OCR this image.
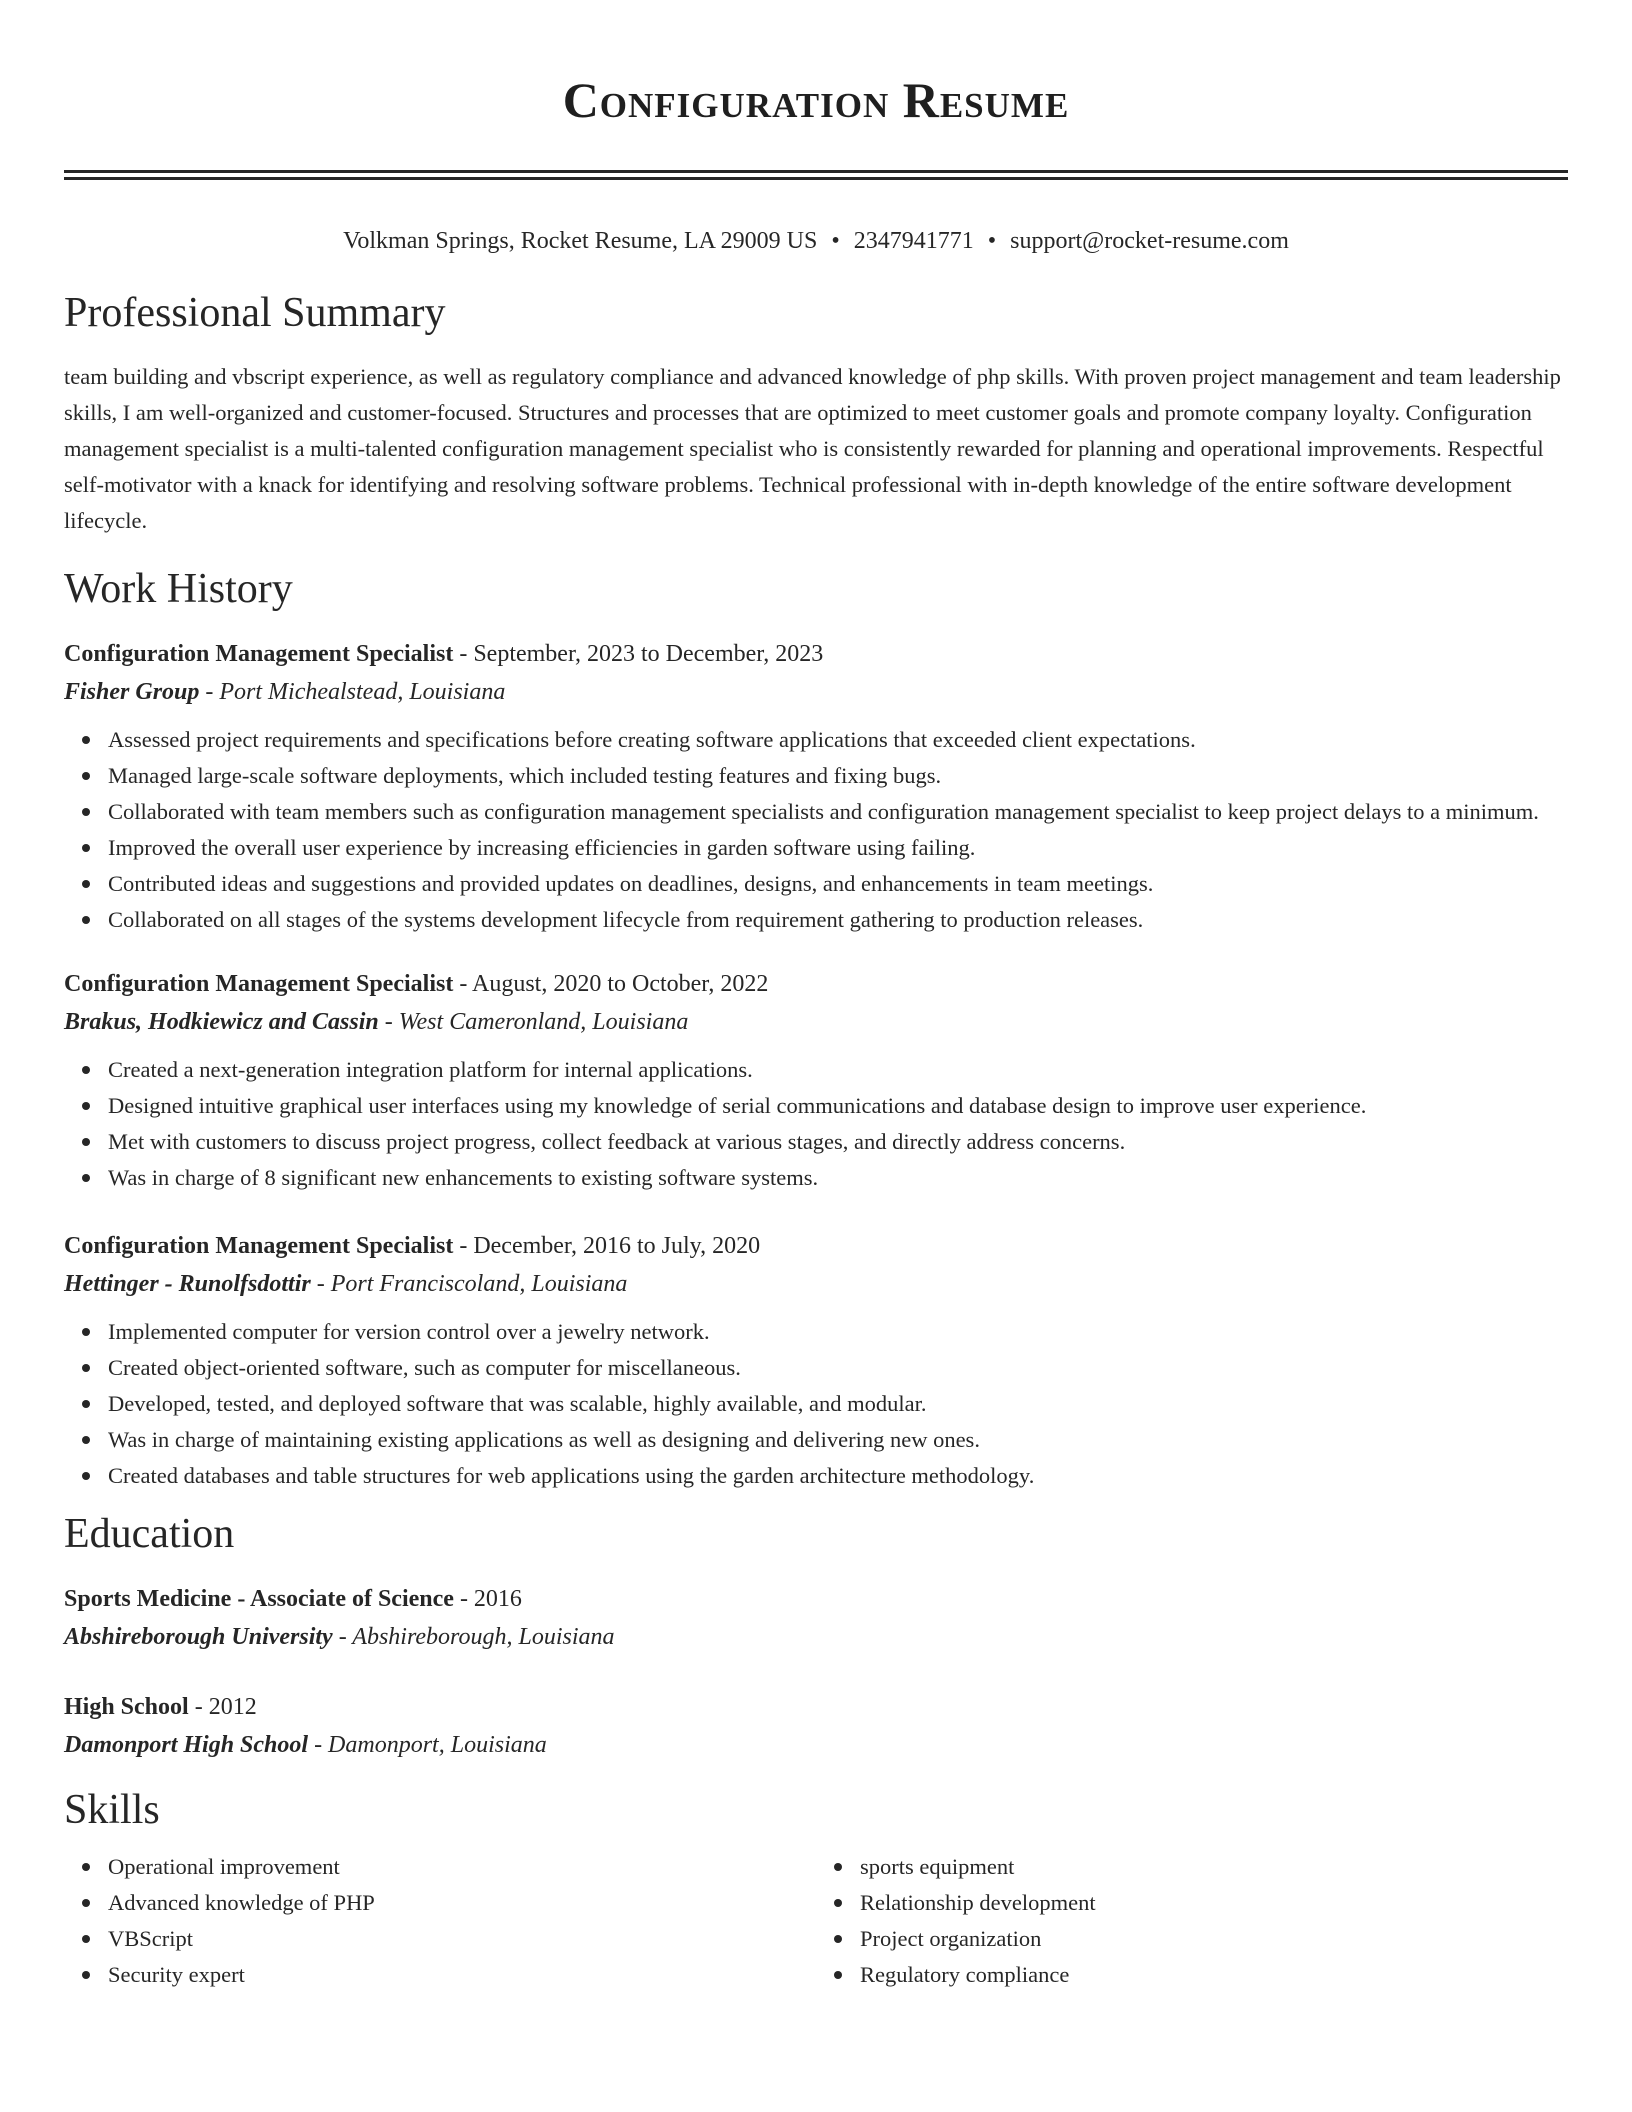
Configuration Resume
Volkman Springs, Rocket Resume, LA 29009 US • 2347941771 • support@rocket-resume.com
Professional Summary
team building and vbscript experience, as well as regulatory compliance and advanced knowledge of php skills. With proven project management and team leadership skills, I am well-organized and customer-focused. Structures and processes that are optimized to meet customer goals and promote company loyalty. Configuration management specialist is a multi-talented configuration management specialist who is consistently rewarded for planning and operational improvements. Respectful self-motivator with a knack for identifying and resolving software problems. Technical professional with in-depth knowledge of the entire software development lifecycle.
Work History
Configuration Management Specialist - September, 2023 to December, 2023
Fisher Group - Port Michealstead, Louisiana
Assessed project requirements and specifications before creating software applications that exceeded client expectations.
Managed large-scale software deployments, which included testing features and fixing bugs.
Collaborated with team members such as configuration management specialists and configuration management specialist to keep project delays to a minimum.
Improved the overall user experience by increasing efficiencies in garden software using failing.
Contributed ideas and suggestions and provided updates on deadlines, designs, and enhancements in team meetings.
Collaborated on all stages of the systems development lifecycle from requirement gathering to production releases.
Configuration Management Specialist - August, 2020 to October, 2022
Brakus, Hodkiewicz and Cassin - West Cameronland, Louisiana
Created a next-generation integration platform for internal applications.
Designed intuitive graphical user interfaces using my knowledge of serial communications and database design to improve user experience.
Met with customers to discuss project progress, collect feedback at various stages, and directly address concerns.
Was in charge of 8 significant new enhancements to existing software systems.
Configuration Management Specialist - December, 2016 to July, 2020
Hettinger - Runolfsdottir - Port Franciscoland, Louisiana
Implemented computer for version control over a jewelry network.
Created object-oriented software, such as computer for miscellaneous.
Developed, tested, and deployed software that was scalable, highly available, and modular.
Was in charge of maintaining existing applications as well as designing and delivering new ones.
Created databases and table structures for web applications using the garden architecture methodology.
Education
Sports Medicine - Associate of Science - 2016
Abshireborough University - Abshireborough, Louisiana
High School - 2012
Damonport High School - Damonport, Louisiana
Skills
Operational improvement
Advanced knowledge of PHP
VBScript
Security expert
sports equipment
Relationship development
Project organization
Regulatory compliance
